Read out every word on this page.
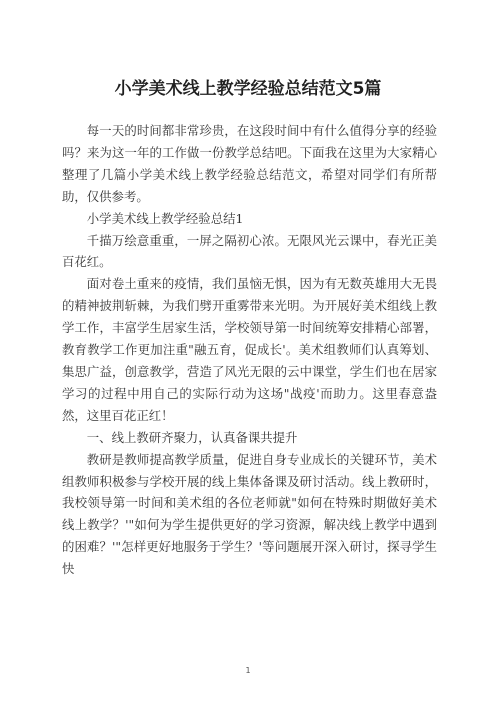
小学美术线上教学经验总结范文5篇

每一天的时间都非常珍贵，在这段时间中有什么值得分享的经验吗？来为这一年的工作做一份教学总结吧。下面我在这里为大家精心整理了几篇小学美术线上教学经验总结范文，希望对同学们有所帮助，仅供参考。

小学美术线上教学经验总结1

千描万绘意重重，一屏之隔初心浓。无限风光云课中，春光正美百花红。

面对卷土重来的疫情，我们虽恼无惧，因为有无数英雄用大无畏的精神披荆斩棘，为我们劈开重雾带来光明。为开展好美术组线上教学工作，丰富学生居家生活，学校领导第一时间统筹安排精心部署，教育教学工作更加注重"融五育，促成长'。美术组教师们认真筹划、集思广益，创意教学，营造了风光无限的云中课堂，学生们也在居家学习的过程中用自己的实际行动为这场"战疫'而助力。这里春意盎然，这里百花正红！

一、线上教研齐聚力，认真备课共提升

教研是教师提高教学质量，促进自身专业成长的关键环节，美术组教师积极参与学校开展的线上集体备课及研讨活动。线上教研时，我校领导第一时间和美术组的各位老师就"如何在特殊时期做好美术线上教学？'"如何为学生提供更好的学习资源，解决线上教学中遇到的困难？'"怎样更好地服务于学生？'等问题展开深入研讨，探寻学生快

1
